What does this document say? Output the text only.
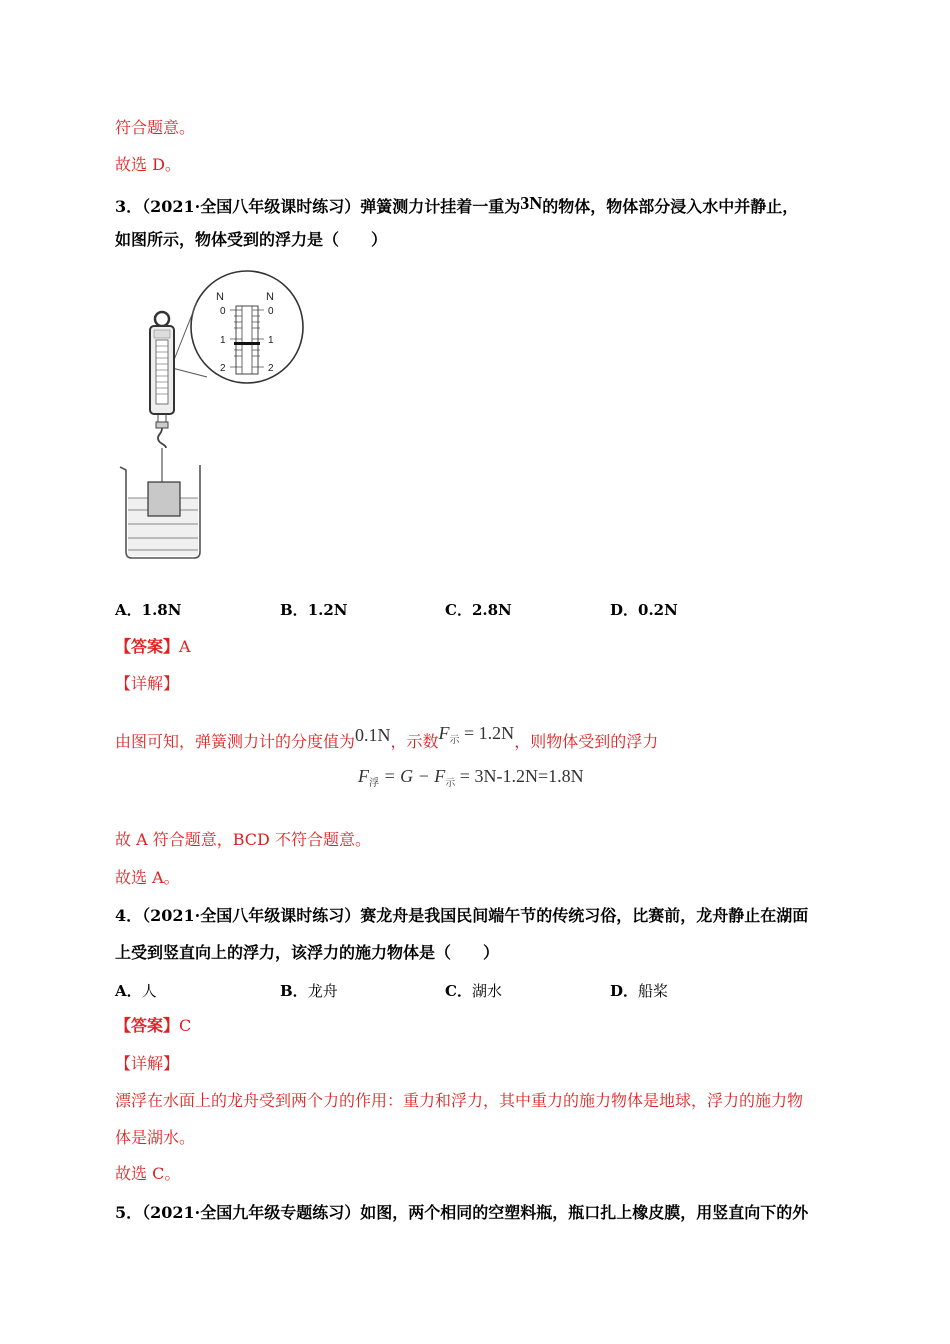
符合题意。
故选 D。
3．（2021·全国八年级课时练习）弹簧测力计挂着一重为3N的物体，物体部分浸入水中并静止，
如图所示，物体受到的浮力是（　　）
N	N
0	0
1	1
2	2
A．1.8N	B．1.2N	C．2.8N	D．0.2N
【答案】A
【详解】
由图可知，弹簧测力计的分度值为0.1N，示数$F_示 = 1.2N$，则物体受到的浮力
$F_浮 = G - F_示 = 3N-1.2N=1.8N$
故 A 符合题意，BCD 不符合题意。
故选 A。
4．（2021·全国八年级课时练习）赛龙舟是我国民间端午节的传统习俗，比赛前，龙舟静止在湖面
上受到竖直向上的浮力，该浮力的施力物体是（　　）
A．人	B．龙舟	C．湖水	D．船桨
【答案】C
【详解】
漂浮在水面上的龙舟受到两个力的作用：重力和浮力，其中重力的施力物体是地球，浮力的施力物
体是湖水。
故选 C。
5．（2021·全国九年级专题练习）如图，两个相同的空塑料瓶，瓶口扎上橡皮膜，用竖直向下的外
